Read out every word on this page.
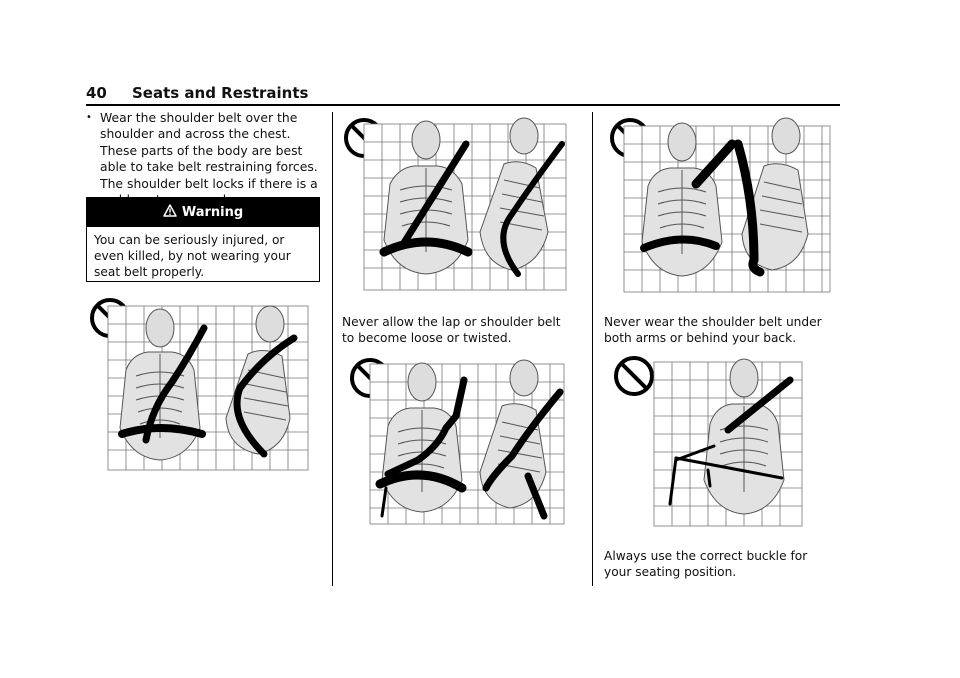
40 Seats and Restraints
• Wear the shoulder belt over the shoulder and across the chest. These parts of the body are best able to take belt restraining forces. The shoulder belt locks if there is a
Warning
You can be seriously injured, or even killed, by not wearing your seat belt properly.
Never allow the lap or shoulder belt to become loose or twisted.
Never wear the shoulder belt under both arms or behind your back.
Always use the correct buckle for your seating position.
